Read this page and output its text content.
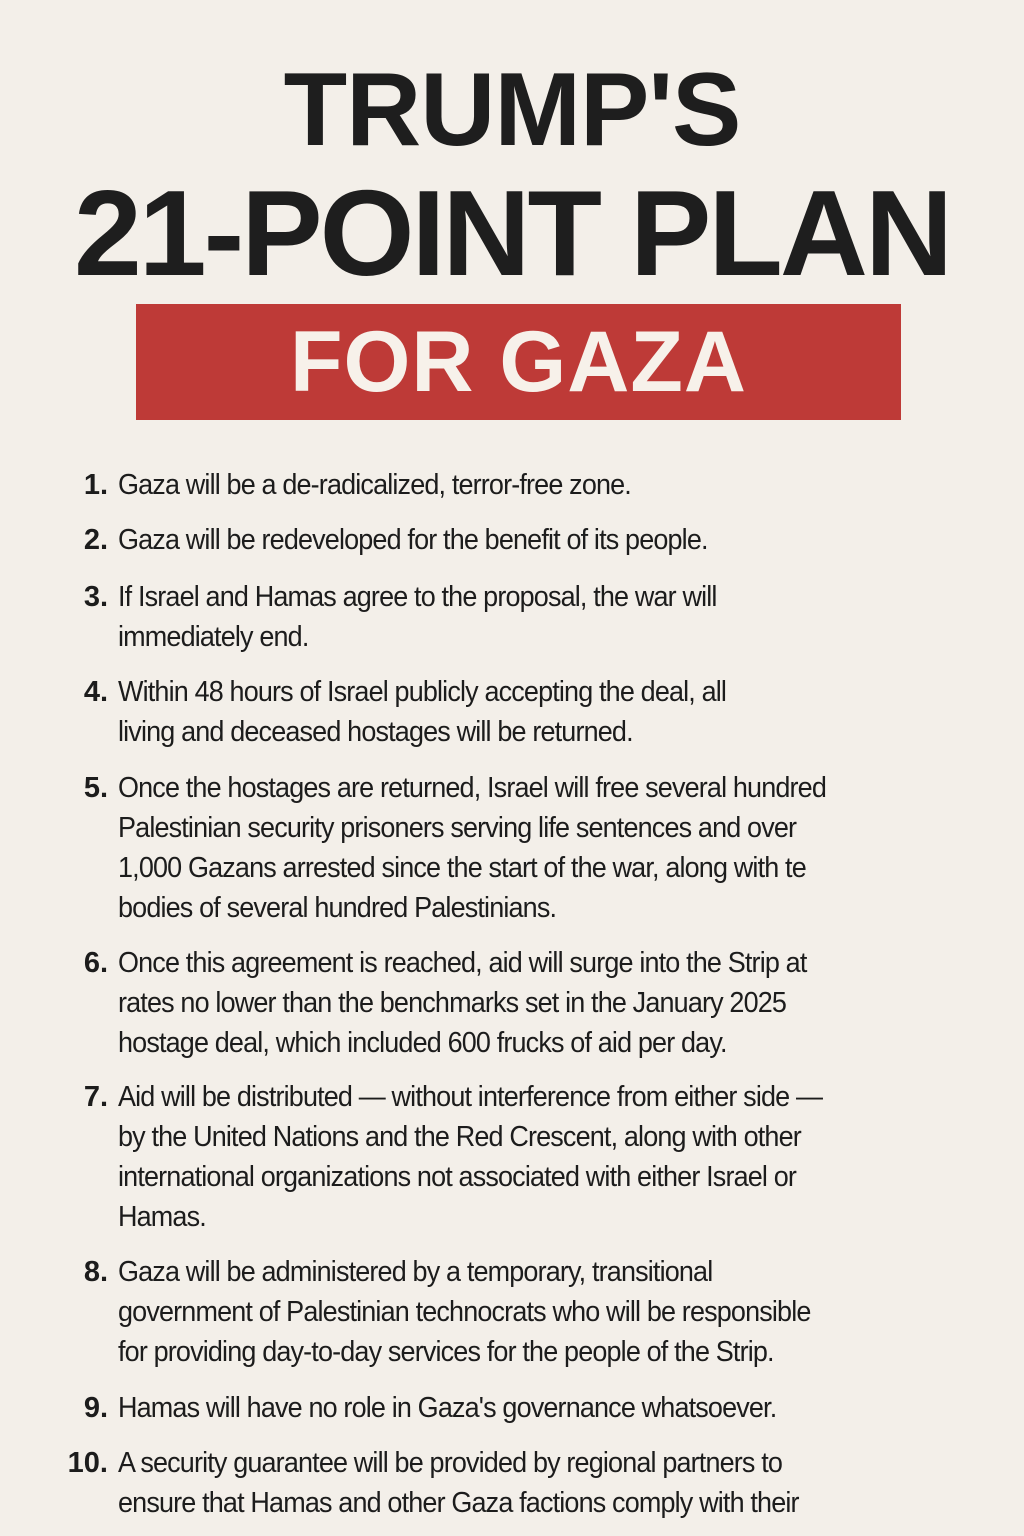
TRUMP'S
21-POINT PLAN
FOR GAZA
1. Gaza will be a de-radicalized, terror-free zone.
2. Gaza will be redeveloped for the benefit of its people.
3. If Israel and Hamas agree to the proposal, the war will
immediately end.
4. Within 48 hours of Israel publicly accepting the deal, all
living and deceased hostages will be returned.
5. Once the hostages are returned, Israel will free several hundred
Palestinian security prisoners serving life sentences and over
1,000 Gazans arrested since the start of the war, along with te
bodies of several hundred Palestinians.
6. Once this agreement is reached, aid will surge into the Strip at
rates no lower than the benchmarks set in the January 2025
hostage deal, which included 600 frucks of aid per day.
7. Aid will be distributed — without interference from either side —
by the United Nations and the Red Crescent, along with other
international organizations not associated with either Israel or
Hamas.
8. Gaza will be administered by a temporary, transitional
government of Palestinian technocrats who will be responsible
for providing day-to-day services for the people of the Strip.
9. Hamas will have no role in Gaza's governance whatsoever.
10. A security guarantee will be provided by regional partners to
ensure that Hamas and other Gaza factions comply with their
